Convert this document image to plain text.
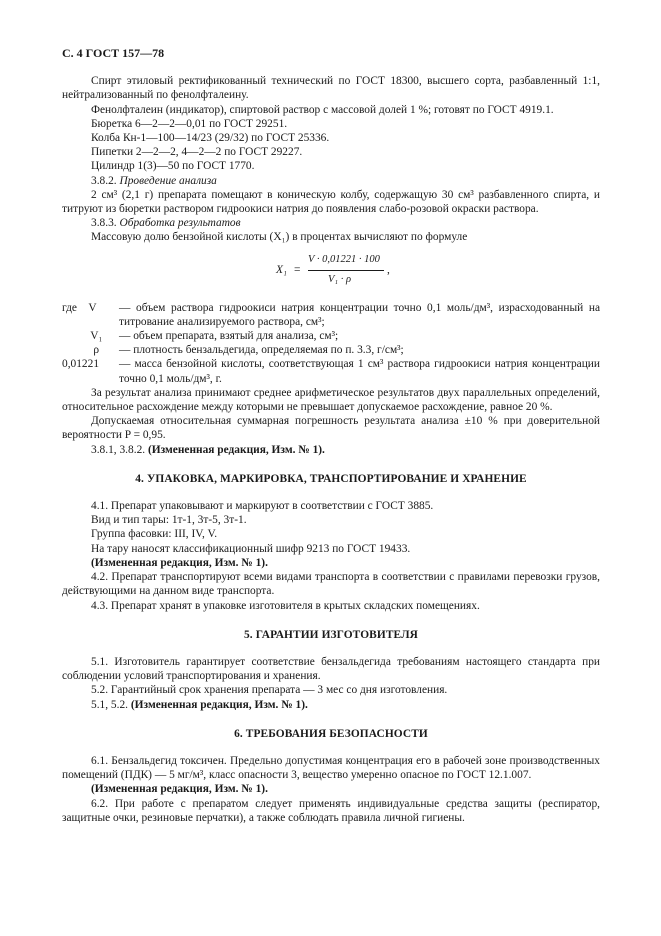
С. 4 ГОСТ 157—78

Спирт этиловый ректификованный технический по ГОСТ 18300, высшего сорта, разбавленный 1:1, нейтрализованный по фенолфталеину.

Фенолфталеин (индикатор), спиртовой раствор с массовой долей 1 %; готовят по ГОСТ 4919.1.

Бюретка 6—2—2—0,01 по ГОСТ 29251.

Колба Кн-1—100—14/23 (29/32) по ГОСТ 25336.

Пипетки 2—2—2, 4—2—2 по ГОСТ 29227.

Цилиндр 1(3)—50 по ГОСТ 1770.

3.8.2. Проведение анализа

2 см³ (2,1 г) препарата помещают в коническую колбу, содержащую 30 см³ разбавленного спирта, и титруют из бюретки раствором гидроокиси натрия до появления слабо-розовой окраски раствора.

3.8.3. Обработка результатов

Массовую долю бензойной кислоты (X₁) в процентах вычисляют по формуле

X₁ =
V · 0,01221 · 100
V₁ · ρ
,
где    V — объем раствора гидроокиси натрия концентрации точно 0,1 моль/дм³, израсходованный на титрование анализируемого раствора, см³;
V₁ — объем препарата, взятый для анализа, см³;
ρ — плотность бензальдегида, определяемая по п. 3.3, г/см³;
0,01221 — масса бензойной кислоты, соответствующая 1 см³ раствора гидроокиси натрия концентрации точно 0,1 моль/дм³, г.

За результат анализа принимают среднее арифметическое результатов двух параллельных определений, относительное расхождение между которыми не превышает допускаемое расхождение, равное 20 %.

Допускаемая относительная суммарная погрешность результата анализа ±10 % при доверительной вероятности P = 0,95.

3.8.1, 3.8.2. (Измененная редакция, Изм. № 1).

4. УПАКОВКА, МАРКИРОВКА, ТРАНСПОРТИРОВАНИЕ И ХРАНЕНИЕ

4.1. Препарат упаковывают и маркируют в соответствии с ГОСТ 3885.

Вид и тип тары: 1т-1, 3т-5, 3т-1.

Группа фасовки: III, IV, V.

На тару наносят классификационный шифр 9213 по ГОСТ 19433.

(Измененная редакция, Изм. № 1).

4.2. Препарат транспортируют всеми видами транспорта в соответствии с правилами перевозки грузов, действующими на данном виде транспорта.

4.3. Препарат хранят в упаковке изготовителя в крытых складских помещениях.

5. ГАРАНТИИ ИЗГОТОВИТЕЛЯ

5.1. Изготовитель гарантирует соответствие бензальдегида требованиям настоящего стандарта при соблюдении условий транспортирования и хранения.

5.2. Гарантийный срок хранения препарата — 3 мес со дня изготовления.

5.1, 5.2. (Измененная редакция, Изм. № 1).

6. ТРЕБОВАНИЯ БЕЗОПАСНОСТИ

6.1. Бензальдегид токсичен. Предельно допустимая концентрация его в рабочей зоне производственных помещений (ПДК) — 5 мг/м³, класс опасности 3, вещество умеренно опасное по ГОСТ 12.1.007.

(Измененная редакция, Изм. № 1).

6.2. При работе с препаратом следует применять индивидуальные средства защиты (респиратор, защитные очки, резиновые перчатки), а также соблюдать правила личной гигиены.
